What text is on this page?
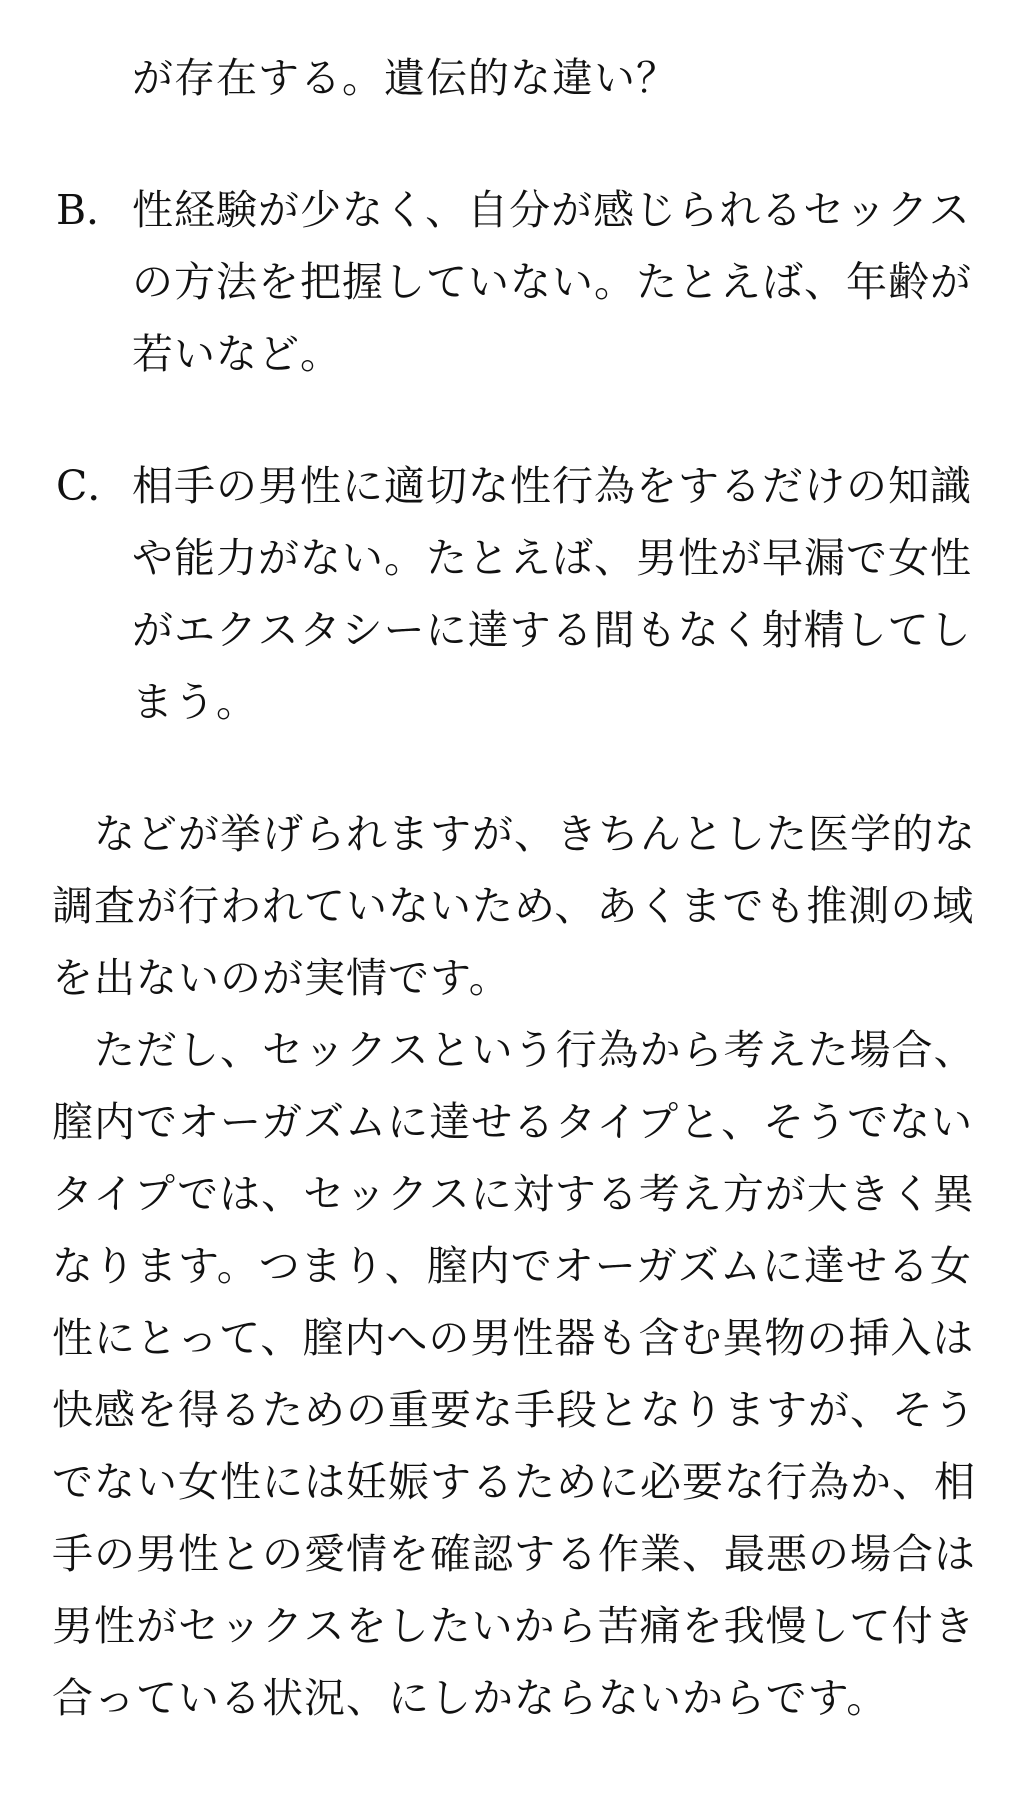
が存在する。遺伝的な違い？
B． 性経験が少なく、自分が感じられるセックス
の方法を把握していない。たとえば、年齢が
若いなど。
C． 相手の男性に適切な性行為をするだけの知識
や能力がない。たとえば、男性が早漏で女性
がエクスタシーに達する間もなく射精してし
まう。
　などが挙げられますが、きちんとした医学的な
調査が行われていないため、あくまでも推測の域
を出ないのが実情です。
　ただし、セックスという行為から考えた場合、
膣内でオーガズムに達せるタイプと、そうでない
タイプでは、セックスに対する考え方が大きく異
なります。つまり、膣内でオーガズムに達せる女
性にとって、膣内への男性器も含む異物の挿入は
快感を得るための重要な手段となりますが、そう
でない女性には妊娠するために必要な行為か、相
手の男性との愛情を確認する作業、最悪の場合は
男性がセックスをしたいから苦痛を我慢して付き
合っている状況、にしかならないからです。
